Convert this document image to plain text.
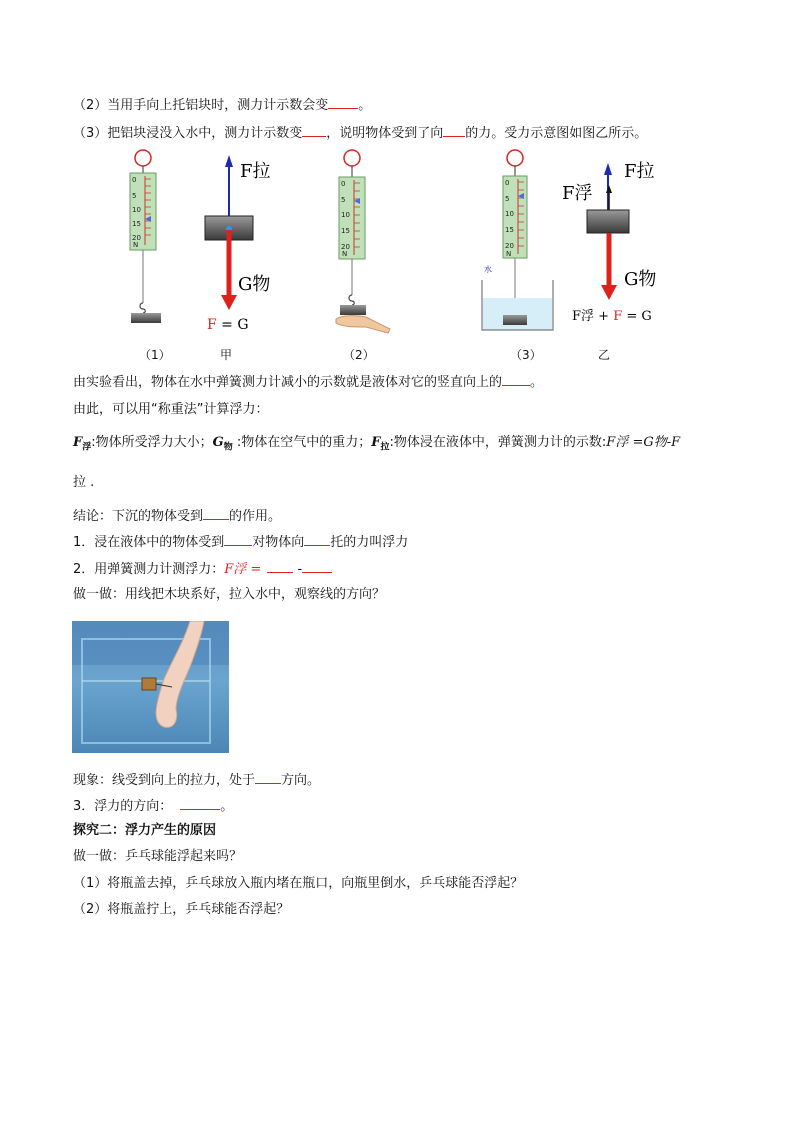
（2）当用手向上托铝块时，测力计示数会变 。
（3）把铝块浸没入水中，测力计示数变 ，说明物体受到了向 的力。受力示意图如图乙所示。
0
5
10
15
20
N
F拉
G物
F = G
0
5
10
15
20
N
0
5
10
15
20
N
水
F拉
F浮
G物
F浮 + F = G
（1）	甲	（2）	（3）	乙
由实验看出，物体在水中弹簧测力计减小的示数就是液体对它的竖直向上的 。
由此，可以用“称重法”计算浮力：
$F_浮$:物体所受浮力大小；$G_物$ :物体在空气中的重力；$F_拉$:物体浸在液体中，弹簧测力计的示数:F浮 =G物-F
拉 .
结论：下沉的物体受到 的作用。
1．浸在液体中的物体受到 对物体向 托的力叫浮力
2．用弹簧测力计测浮力：F浮 = -
做一做：用线把木块系好，拉入水中，观察线的方向？
现象：线受到向上的拉力，处于 方向。
3．浮力的方向：	。
探究二：浮力产生的原因
做一做：乒乓球能浮起来吗？
（1）将瓶盖去掉，乒乓球放入瓶内堵在瓶口，向瓶里倒水，乒乓球能否浮起？
（2）将瓶盖拧上，乒乓球能否浮起？
